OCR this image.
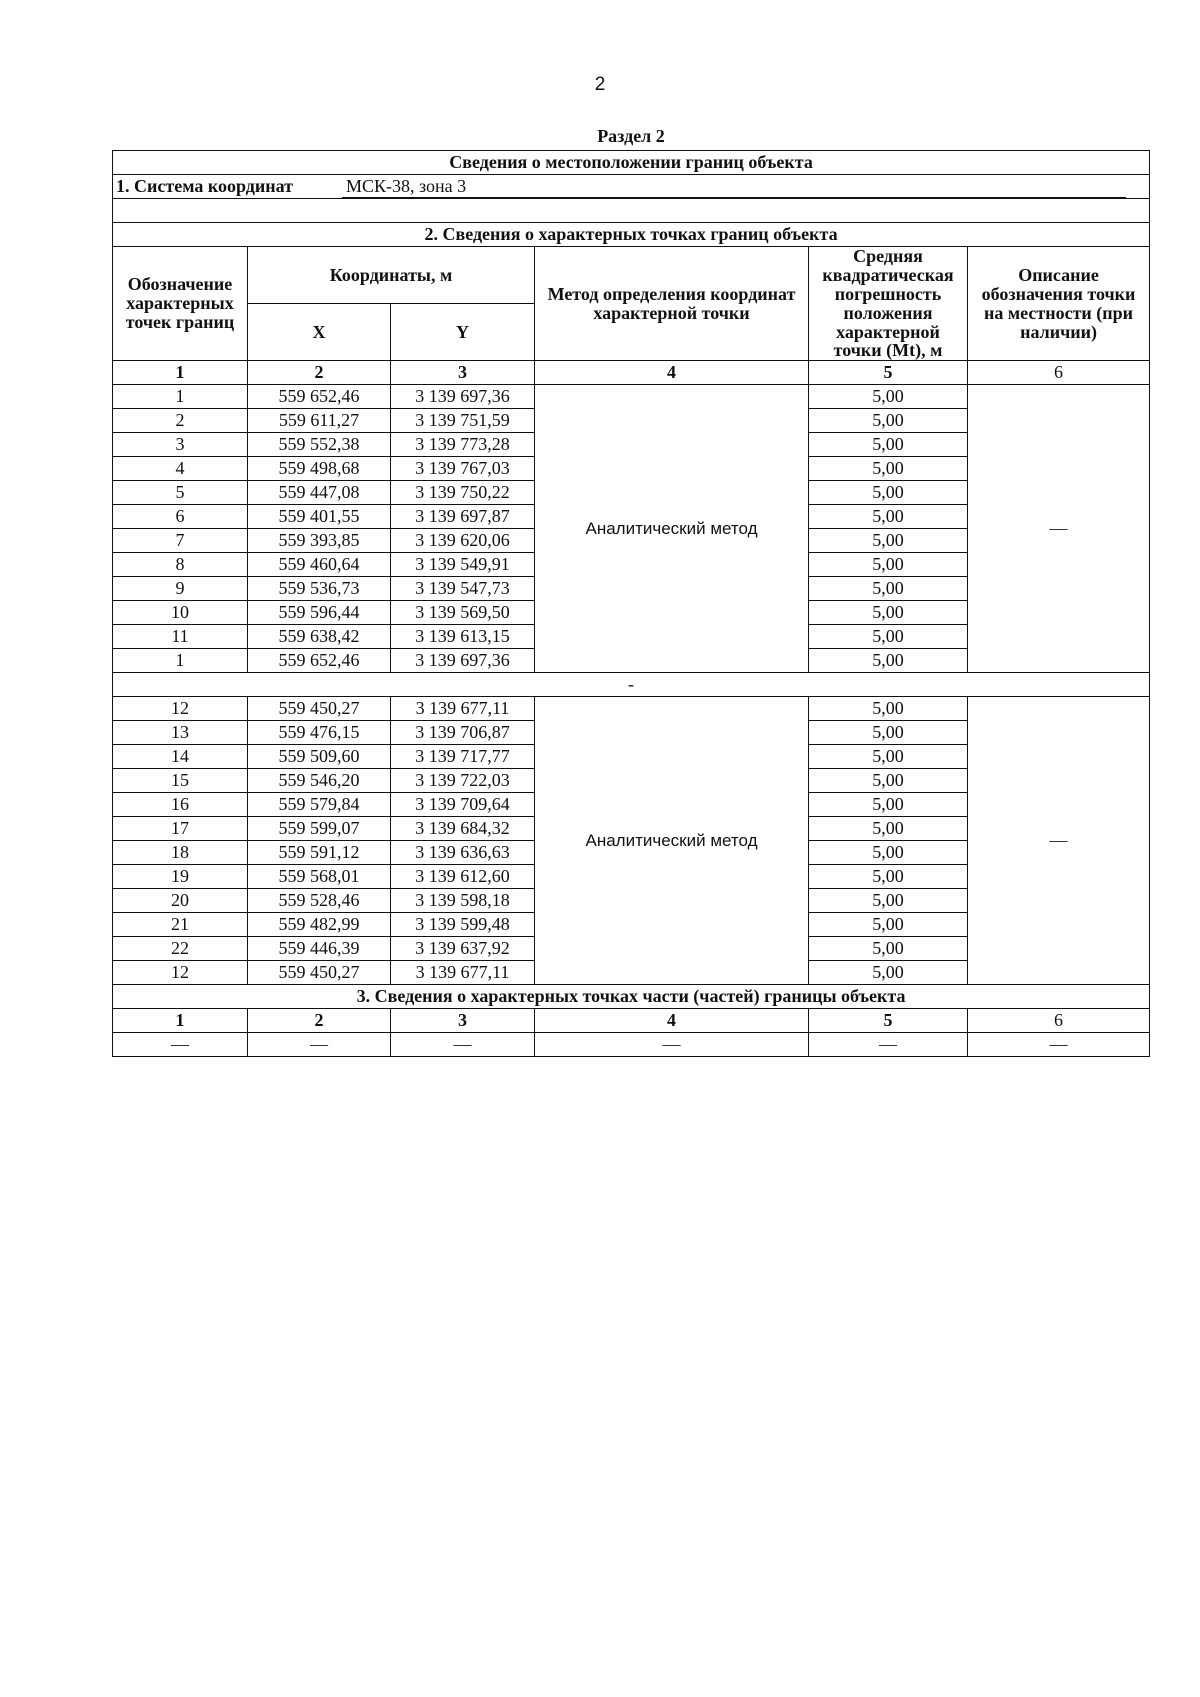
2
Раздел 2
Сведения о местоположении границ объекта					
1. Система координат МСК-38, зона 3					

2. Сведения о характерных точках границ объекта					
Обозначение характерных точек границ	Координаты, м		Метод определения координат характерной точки	Средняя квадратическая погрешность положения характерной точки (Mt), м	Описание обозначения точки на местности (при наличии)
	X	Y			
1	2	3	4	5	6
1	559 652,46	3 139 697,36	Аналитический метод	5,00	—
2	559 611,27	3 139 751,59		5,00	
3	559 552,38	3 139 773,28		5,00	
4	559 498,68	3 139 767,03		5,00	
5	559 447,08	3 139 750,22		5,00	
6	559 401,55	3 139 697,87		5,00	
7	559 393,85	3 139 620,06		5,00	
8	559 460,64	3 139 549,91		5,00	
9	559 536,73	3 139 547,73		5,00	
10	559 596,44	3 139 569,50		5,00	
11	559 638,42	3 139 613,15		5,00	
1	559 652,46	3 139 697,36		5,00	
-					
12	559 450,27	3 139 677,11	Аналитический метод	5,00	—
13	559 476,15	3 139 706,87		5,00	
14	559 509,60	3 139 717,77		5,00	
15	559 546,20	3 139 722,03		5,00	
16	559 579,84	3 139 709,64		5,00	
17	559 599,07	3 139 684,32		5,00	
18	559 591,12	3 139 636,63		5,00	
19	559 568,01	3 139 612,60		5,00	
20	559 528,46	3 139 598,18		5,00	
21	559 482,99	3 139 599,48		5,00	
22	559 446,39	3 139 637,92		5,00	
12	559 450,27	3 139 677,11		5,00	
3. Сведения о характерных точках части (частей) границы объекта					
1	2	3	4	5	6
—	—	—	—	—	—
